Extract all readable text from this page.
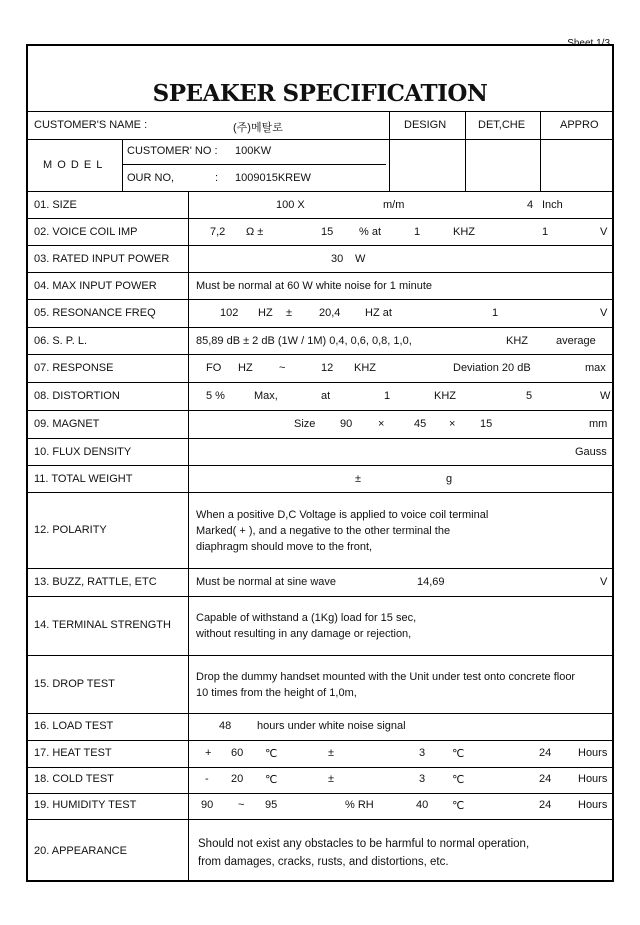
Sheet 1/3
SPEAKER SPECIFICATION
CUSTOMER'S NAME :	(주)메탈로	DESIGN	DET,CHE	APPRO
M O D E L
CUSTOMER' NO : 100KW
OUR NO,	: 1009015KREW
01. SIZE	100 X	m/m	4 Inch
02. VOICE COIL IMP	7,2 Ω ±	15 % at	1	KHZ	1	V
03. RATED INPUT POWER	30 W
04. MAX INPUT POWER	Must be normal at 60 W white noise for 1 minute
05. RESONANCE FREQ	102 HZ ± 20,4 HZ at	1	V
06. S. P. L.	85,89 dB ± 2 dB (1W / 1M) 0,4, 0,6, 0,8, 1,0,	KHZ	average
07. RESPONSE	FO HZ ~	12 KHZ	Deviation 20 dB	max
08. DISTORTION	5 %	Max,	at	1	KHZ	5	W
09. MAGNET	Size 90 ×	45 × 15	mm
10. FLUX DENSITY	Gauss
11. TOTAL WEIGHT	±	g
12. POLARITY
When a positive D,C Voltage is applied to voice coil terminal
Marked( + ), and a negative to the other terminal the
diaphragm should move to the front,
13. BUZZ, RATTLE, ETC	Must be normal at sine wave	14,69	V
14. TERMINAL STRENGTH
Capable of withstand a (1Kg) load for 15 sec,
without resulting in any damage or rejection,
15. DROP TEST
Drop the dummy handset mounted with the Unit under test onto concrete floor
10 times from the height of 1,0m,
16. LOAD TEST	48 hours under white noise signal
17. HEAT TEST	+ 60 ℃	±	3 ℃	24 Hours
18. COLD TEST	- 20 ℃	±	3 ℃	24 Hours
19. HUMIDITY TEST	90 ~ 95	% RH	40 ℃	24 Hours
20. APPEARANCE
Should not exist any obstacles to be harmful to normal operation,
from damages, cracks, rusts, and distortions, etc.
